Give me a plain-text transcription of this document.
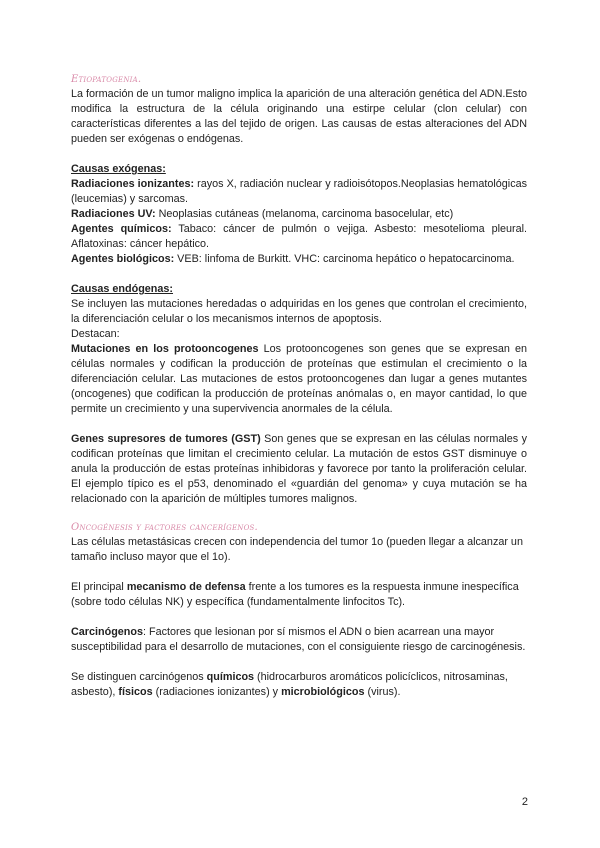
Etiopatogenia.

La formación de un tumor maligno implica la aparición de una alteración genética del ADN.Esto modifica la estructura de la célula originando una estirpe celular (clon celular) con características diferentes a las del tejido de origen. Las causas de estas alteraciones del ADN pueden ser exógenas o endógenas.

Causas exógenas:

Radiaciones ionizantes: rayos X, radiación nuclear y radioisótopos.Neoplasias hematológicas (leucemias) y sarcomas.

Radiaciones UV: Neoplasias cutáneas (melanoma, carcinoma basocelular, etc)

Agentes químicos: Tabaco: cáncer de pulmón o vejiga. Asbesto: mesotelioma pleural. Aflatoxinas: cáncer hepático.

Agentes biológicos: VEB: linfoma de Burkitt. VHC: carcinoma hepático o hepatocarcinoma.

Causas endógenas:

Se incluyen las mutaciones heredadas o adquiridas en los genes que controlan el crecimiento, la diferenciación celular o los mecanismos internos de apoptosis.

Destacan:

Mutaciones en los protooncogenes Los protooncogenes son genes que se expresan en células normales y codifican la producción de proteínas que estimulan el crecimiento o la diferenciación celular. Las mutaciones de estos protooncogenes dan lugar a genes mutantes (oncogenes) que codifican la producción de proteínas anómalas o, en mayor cantidad, lo que permite un crecimiento y una supervivencia anormales de la célula.

Genes supresores de tumores (GST) Son genes que se expresan en las células normales y codifican proteínas que limitan el crecimiento celular. La mutación de estos GST disminuye o anula la producción de estas proteínas inhibidoras y favorece por tanto la proliferación celular. El ejemplo típico es el p53, denominado el «guardián del genoma» y cuya mutación se ha relacionado con la aparición de múltiples tumores malignos.

Oncogénesis y factores cancerígenos.

Las células metastásicas crecen con independencia del tumor 1o (pueden llegar a alcanzar un tamaño incluso mayor que el 1o).

El principal mecanismo de defensa frente a los tumores es la respuesta inmune inespecífica (sobre todo células NK) y específica (fundamentalmente linfocitos Tc).

Carcinógenos: Factores que lesionan por sí mismos el ADN o bien acarrean una mayor susceptibilidad para el desarrollo de mutaciones, con el consiguiente riesgo de carcinogénesis.

Se distinguen carcinógenos químicos (hidrocarburos aromáticos policíclicos, nitrosaminas, asbesto), físicos (radiaciones ionizantes) y microbiológicos (virus).

2
